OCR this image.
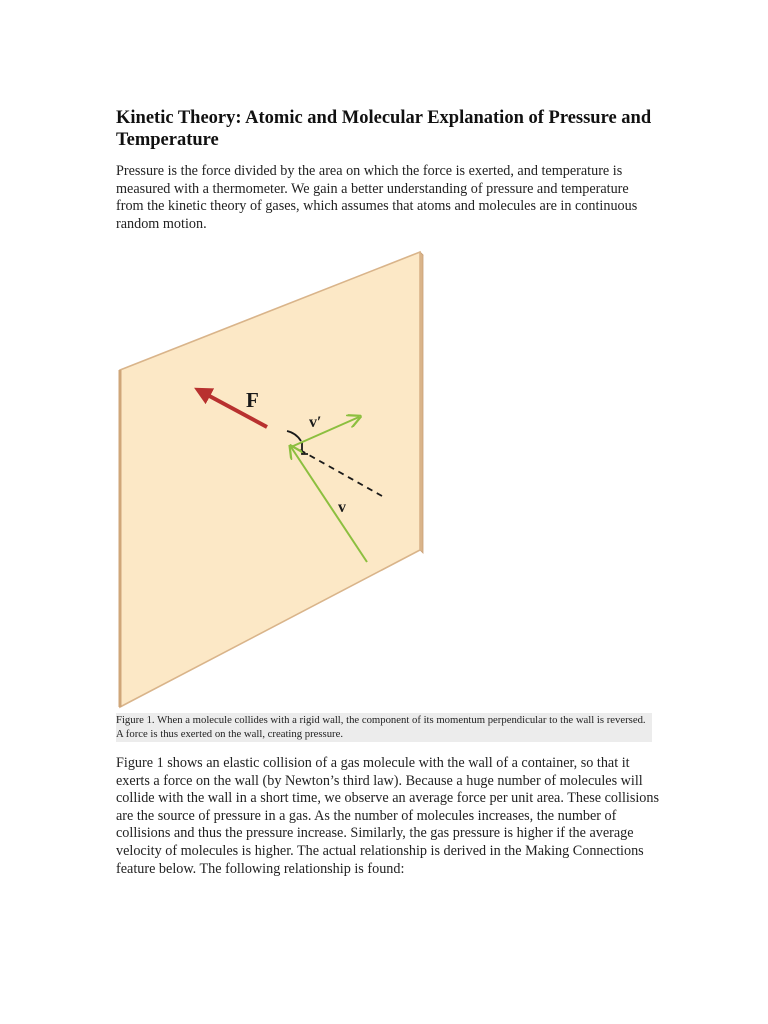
Kinetic Theory: Atomic and Molecular Explanation of Pressure and Temperature

Pressure is the force divided by the area on which the force is exerted, and temperature is measured with a thermometer. We gain a better understanding of pressure and temperature from the kinetic theory of gases, which assumes that atoms and molecules are in continuous random motion.

F
v
v′
Figure 1. When a molecule collides with a rigid wall, the component of its momentum perpendicular to the wall is reversed. A force is thus exerted on the wall, creating pressure.

Figure 1 shows an elastic collision of a gas molecule with the wall of a container, so that it exerts a force on the wall (by Newton’s third law). Because a huge number of molecules will collide with the wall in a short time, we observe an average force per unit area. These collisions are the source of pressure in a gas. As the number of molecules increases, the number of collisions and thus the pressure increase. Similarly, the gas pressure is higher if the average velocity of molecules is higher. The actual relationship is derived in the Making Connections feature below. The following relationship is found:
